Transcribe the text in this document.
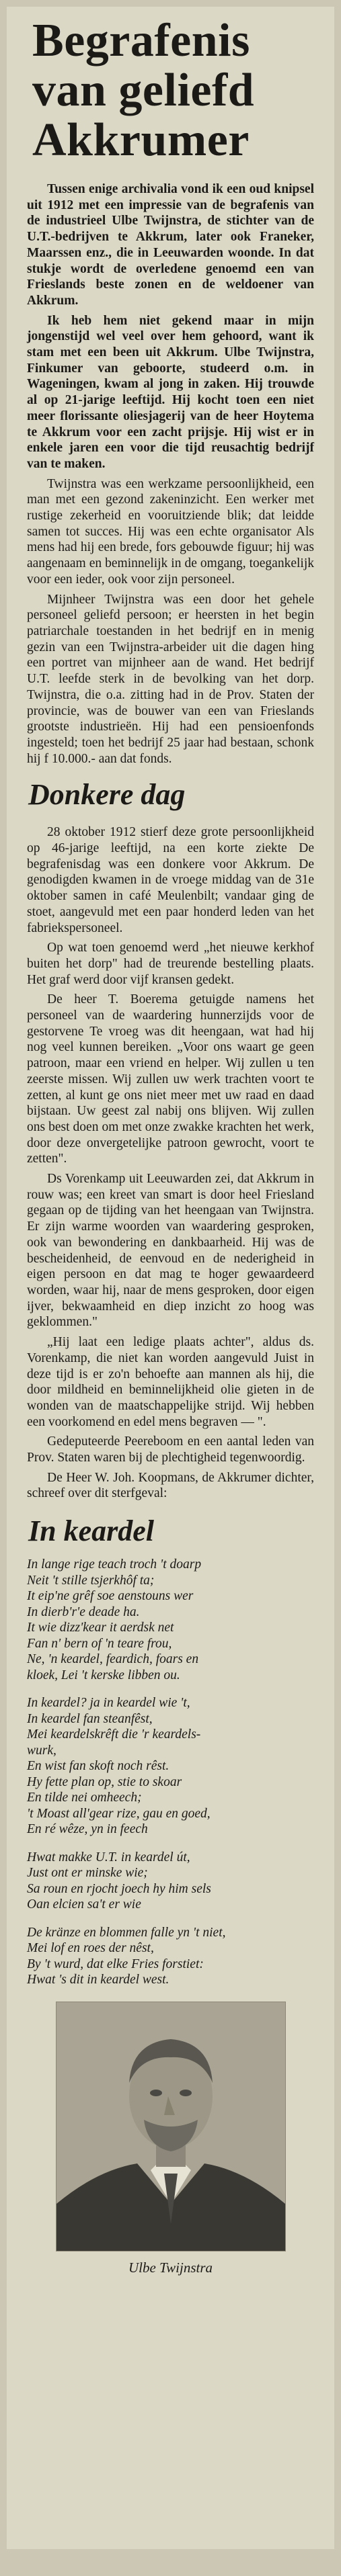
Begrafenis
van geliefd
Akkrumer

Tussen enige archivalia vond ik een oud knipsel uit 1912 met een impressie van de begrafenis van de industrieel Ulbe Twijnstra, de stichter van de U.T.-bedrijven te Akkrum, later ook Franeker, Maarssen enz., die in Leeuwarden woonde. In dat stukje wordt de overledene genoemd een van Frieslands beste zonen en de weldoener van Akkrum.

Ik heb hem niet gekend maar in mijn jongenstijd wel veel over hem gehoord, want ik stam met een been uit Akkrum. Ulbe Twijnstra, Finkumer van geboorte, studeerd o.m. in Wageningen, kwam al jong in zaken. Hij trouwde al op 21-jarige leeftijd. Hij kocht toen een niet meer florissante oliesjagerij van de heer Hoytema te Akkrum voor een zacht prijsje. Hij wist er in enkele jaren een voor die tijd reusachtig bedrijf van te maken.

Twijnstra was een werkzame persoonlijkheid, een man met een gezond zakeninzicht. Een werker met rustige zekerheid en vooruitziende blik; dat leidde samen tot succes. Hij was een echte organisator Als mens had hij een brede, fors gebouwde figuur; hij was aangenaam en beminnelijk in de omgang, toegankelijk voor een ieder, ook voor zijn personeel.

Mijnheer Twijnstra was een door het gehele personeel geliefd persoon; er heersten in het begin patriarchale toestanden in het bedrijf en in menig gezin van een Twijnstra-arbeider uit die dagen hing een portret van mijnheer aan de wand. Het bedrijf U.T. leefde sterk in de bevolking van het dorp. Twijnstra, die o.a. zitting had in de Prov. Staten der provincie, was de bouwer van een van Frieslands grootste industrieën. Hij had een pensioenfonds ingesteld; toen het bedrijf 25 jaar had bestaan, schonk hij f 10.000.- aan dat fonds.

Donkere dag

28 oktober 1912 stierf deze grote persoonlijkheid op 46-jarige leeftijd, na een korte ziekte De begrafenisdag was een donkere voor Akkrum. De genodigden kwamen in de vroege middag van de 31e oktober samen in café Meulenbilt; vandaar ging de stoet, aangevuld met een paar honderd leden van het fabriekspersoneel.

Op wat toen genoemd werd „het nieuwe kerkhof buiten het dorp" had de treurende bestelling plaats. Het graf werd door vijf kransen gedekt.

De heer T. Boerema getuigde namens het personeel van de waardering hunnerzijds voor de gestorvene Te vroeg was dit heengaan, wat had hij nog veel kunnen bereiken. „Voor ons waart ge geen patroon, maar een vriend en helper. Wij zullen u ten zeerste missen. Wij zullen uw werk trachten voort te zetten, al kunt ge ons niet meer met uw raad en daad bijstaan. Uw geest zal nabij ons blijven. Wij zullen ons best doen om met onze zwakke krachten het werk, door deze onvergetelijke patroon gewrocht, voort te zetten".

Ds Vorenkamp uit Leeuwarden zei, dat Akkrum in rouw was; een kreet van smart is door heel Friesland gegaan op de tijding van het heengaan van Twijnstra. Er zijn warme woorden van waardering gesproken, ook van bewondering en dankbaarheid. Hij was de bescheidenheid, de eenvoud en de nederigheid in eigen persoon en dat mag te hoger gewaardeerd worden, waar hij, naar de mens gesproken, door eigen ijver, bekwaamheid en diep inzicht zo hoog was geklommen."

„Hij laat een ledige plaats achter", aldus ds. Vorenkamp, die niet kan worden aangevuld Juist in deze tijd is er zo'n behoefte aan mannen als hij, die door mildheid en beminnelijkheid olie gieten in de wonden van de maatschappelijke strijd. Wij hebben een voorkomend en edel mens begraven — ".

Gedeputeerde Peereboom en een aantal leden van Prov. Staten waren bij de plechtigheid tegenwoordig.

De Heer W. Joh. Koopmans, de Akkrumer dichter, schreef over dit sterfgeval:

In keardel
In lange rige teach troch 't doarp
Neit 't stille tsjerkhôf ta;
It eip'ne grêf soe aenstouns wer
In dierb'r'e deade ha.
It wie dizz'kear it aerdsk net
Fan n' bern of 'n teare frou,
Ne, 'n keardel, feardich, foars en
kloek, Lei 't kerske libben ou.
In keardel? ja in keardel wie 't,
In keardel fan steanfêst,
Mei keardelskrêft die 'r keardels-
wurk,
En wist fan skoft noch rêst.
Hy fette plan op, stie to skoar
En tilde nei omheech;
't Moast all'gear rize, gau en goed,
En ré wêze, yn in feech
Hwat makke U.T. in keardel út,
Just ont er minske wie;
Sa roun en rjocht joech hy him sels
Oan elcien sa't er wie
De kränze en blommen falle yn 't niet,
Mei lof en roes der nêst,
By 't wurd, dat elke Fries forstiet:
Hwat 's dit in keardel west.
Ulbe Twijnstra
